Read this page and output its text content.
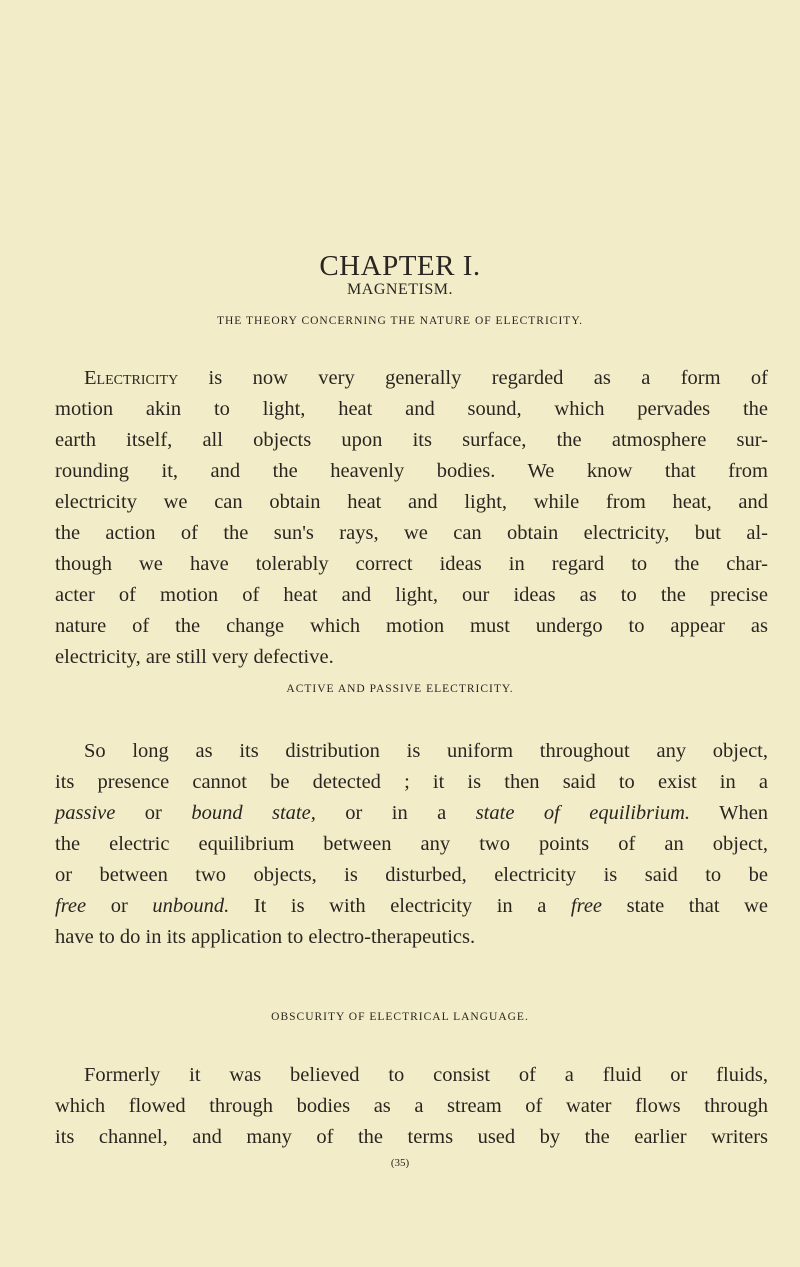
CHAPTER I.
MAGNETISM.
THE THEORY CONCERNING THE NATURE OF ELECTRICITY.
ACTIVE AND PASSIVE ELECTRICITY.
OBSCURITY OF ELECTRICAL LANGUAGE.
Electricity is now very generally regarded as a form of
motion akin to light, heat and sound, which pervades the
earth itself, all objects upon its surface, the atmosphere sur-
rounding it, and the heavenly bodies. We know that from
electricity we can obtain heat and light, while from heat, and
the action of the sun's rays, we can obtain electricity, but al-
though we have tolerably correct ideas in regard to the char-
acter of motion of heat and light, our ideas as to the precise
nature of the change which motion must undergo to appear as
electricity, are still very defective.
So long as its distribution is uniform throughout any object,
its presence cannot be detected ; it is then said to exist in a
passive or bound state, or in a state of equilibrium. When
the electric equilibrium between any two points of an object,
or between two objects, is disturbed, electricity is said to be
free or unbound. It is with electricity in a free state that we
have to do in its application to electro-therapeutics.
Formerly it was believed to consist of a fluid or fluids,
which flowed through bodies as a stream of water flows through
its channel, and many of the terms used by the earlier writers
(35)
